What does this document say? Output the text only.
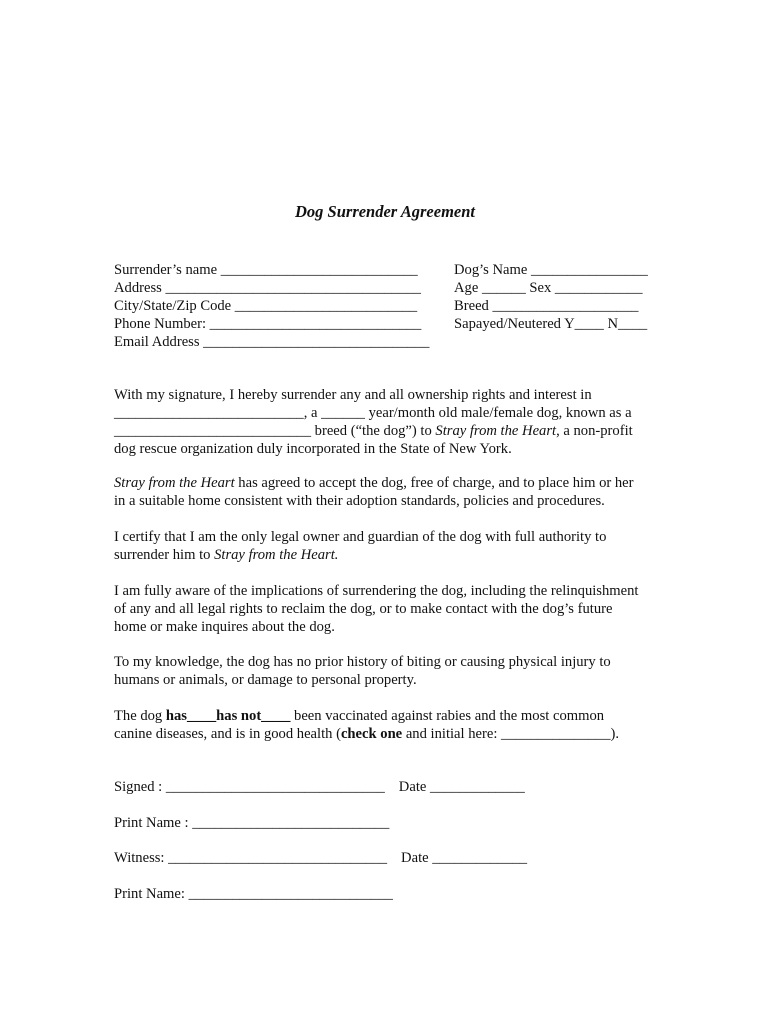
Dog Surrender Agreement
Surrender’s name ___________________________
Address ___________________________________
City/State/Zip Code _________________________
Phone Number: _____________________________
Email Address _______________________________
Dog’s Name ________________
Age ______ Sex ____________
Breed ____________________
Sapayed/Neutered Y____ N____
With my signature, I hereby surrender any and all ownership rights and interest in
__________________________, a ______ year/month old male/female dog, known as a
___________________________ breed (“the dog”) to Stray from the Heart, a non-profit
dog rescue organization duly incorporated in the State of New York.
Stray from the Heart has agreed to accept the dog, free of charge, and to place him or her
in a suitable home consistent with their adoption standards, policies and procedures.
I certify that I am the only legal owner and guardian of the dog with full authority to
surrender him to Stray from the Heart.
I am fully aware of the implications of surrendering the dog, including the relinquishment
of any and all legal rights to reclaim the dog, or to make contact with the dog’s future
home or make inquires about the dog.
To my knowledge, the dog has no prior history of biting or causing physical injury to
humans or animals, or damage to personal property.
The dog has____has not____ been vaccinated against rabies and the most common
canine diseases, and is in good health (check one and initial here: _______________).
Signed : ______________________________ Date _____________
Print Name : ___________________________
Witness: ______________________________ Date _____________
Print Name: ____________________________
